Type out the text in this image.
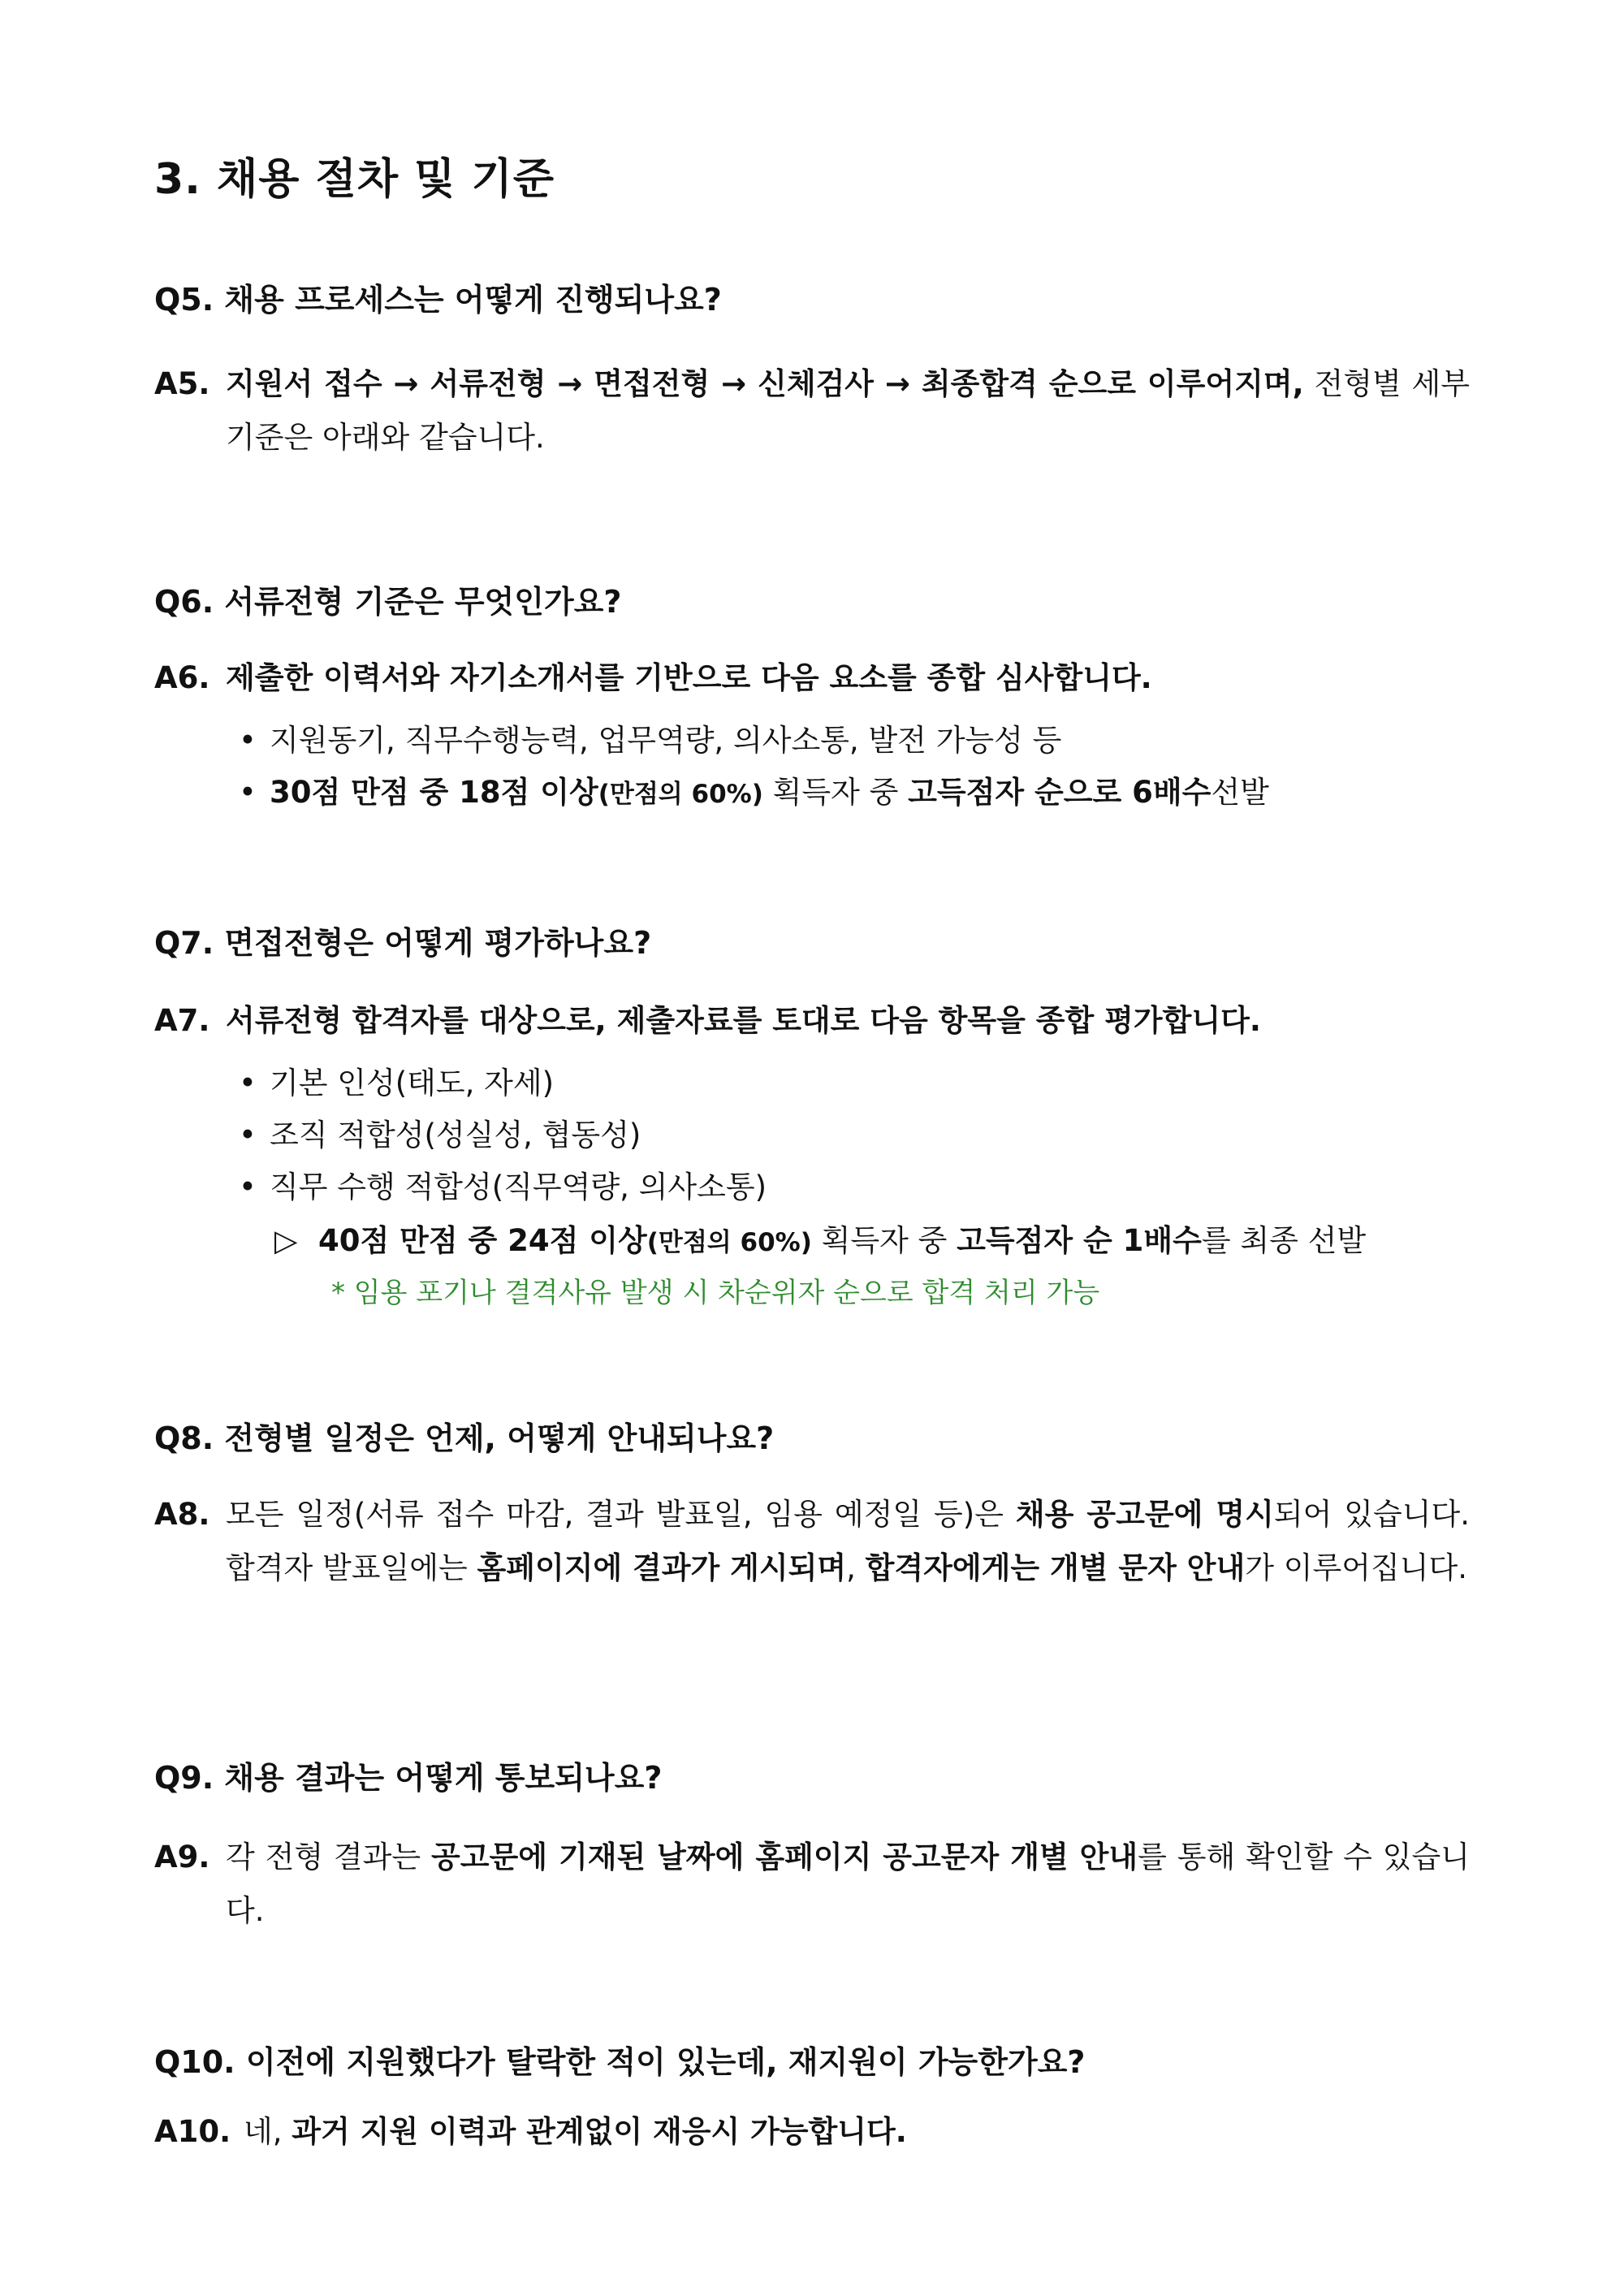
3. 채용 절차 및 기준
Q5. 채용 프로세스는 어떻게 진행되나요?
A5. 지원서 접수 → 서류전형 → 면접전형 → 신체검사 → 최종합격 순으로 이루어지며, 전형별 세부 기준은 아래와 같습니다.
Q6. 서류전형 기준은 무엇인가요?
A6. 제출한 이력서와 자기소개서를 기반으로 다음 요소를 종합 심사합니다.
• 지원동기, 직무수행능력, 업무역량, 의사소통, 발전 가능성 등
• 30점 만점 중 18점 이상(만점의 60%) 획득자 중 고득점자 순으로 6배수선발
Q7. 면접전형은 어떻게 평가하나요?
A7. 서류전형 합격자를 대상으로, 제출자료를 토대로 다음 항목을 종합 평가합니다.
• 기본 인성(태도, 자세)
• 조직 적합성(성실성, 협동성)
• 직무 수행 적합성(직무역량, 의사소통)
▷ 40점 만점 중 24점 이상(만점의 60%) 획득자 중 고득점자 순 1배수를 최종 선발
* 임용 포기나 결격사유 발생 시 차순위자 순으로 합격 처리 가능
Q8. 전형별 일정은 언제, 어떻게 안내되나요?
A8. 모든 일정(서류 접수 마감, 결과 발표일, 임용 예정일 등)은 채용 공고문에 명시되어 있습니다. 합격자 발표일에는 홈페이지에 결과가 게시되며, 합격자에게는 개별 문자 안내가 이루어집니다.
Q9. 채용 결과는 어떻게 통보되나요?
A9. 각 전형 결과는 공고문에 기재된 날짜에 홈페이지 공고문자 개별 안내를 통해 확인할 수 있습니다.
Q10. 이전에 지원했다가 탈락한 적이 있는데, 재지원이 가능한가요?
A10. 네, 과거 지원 이력과 관계없이 재응시 가능합니다.
